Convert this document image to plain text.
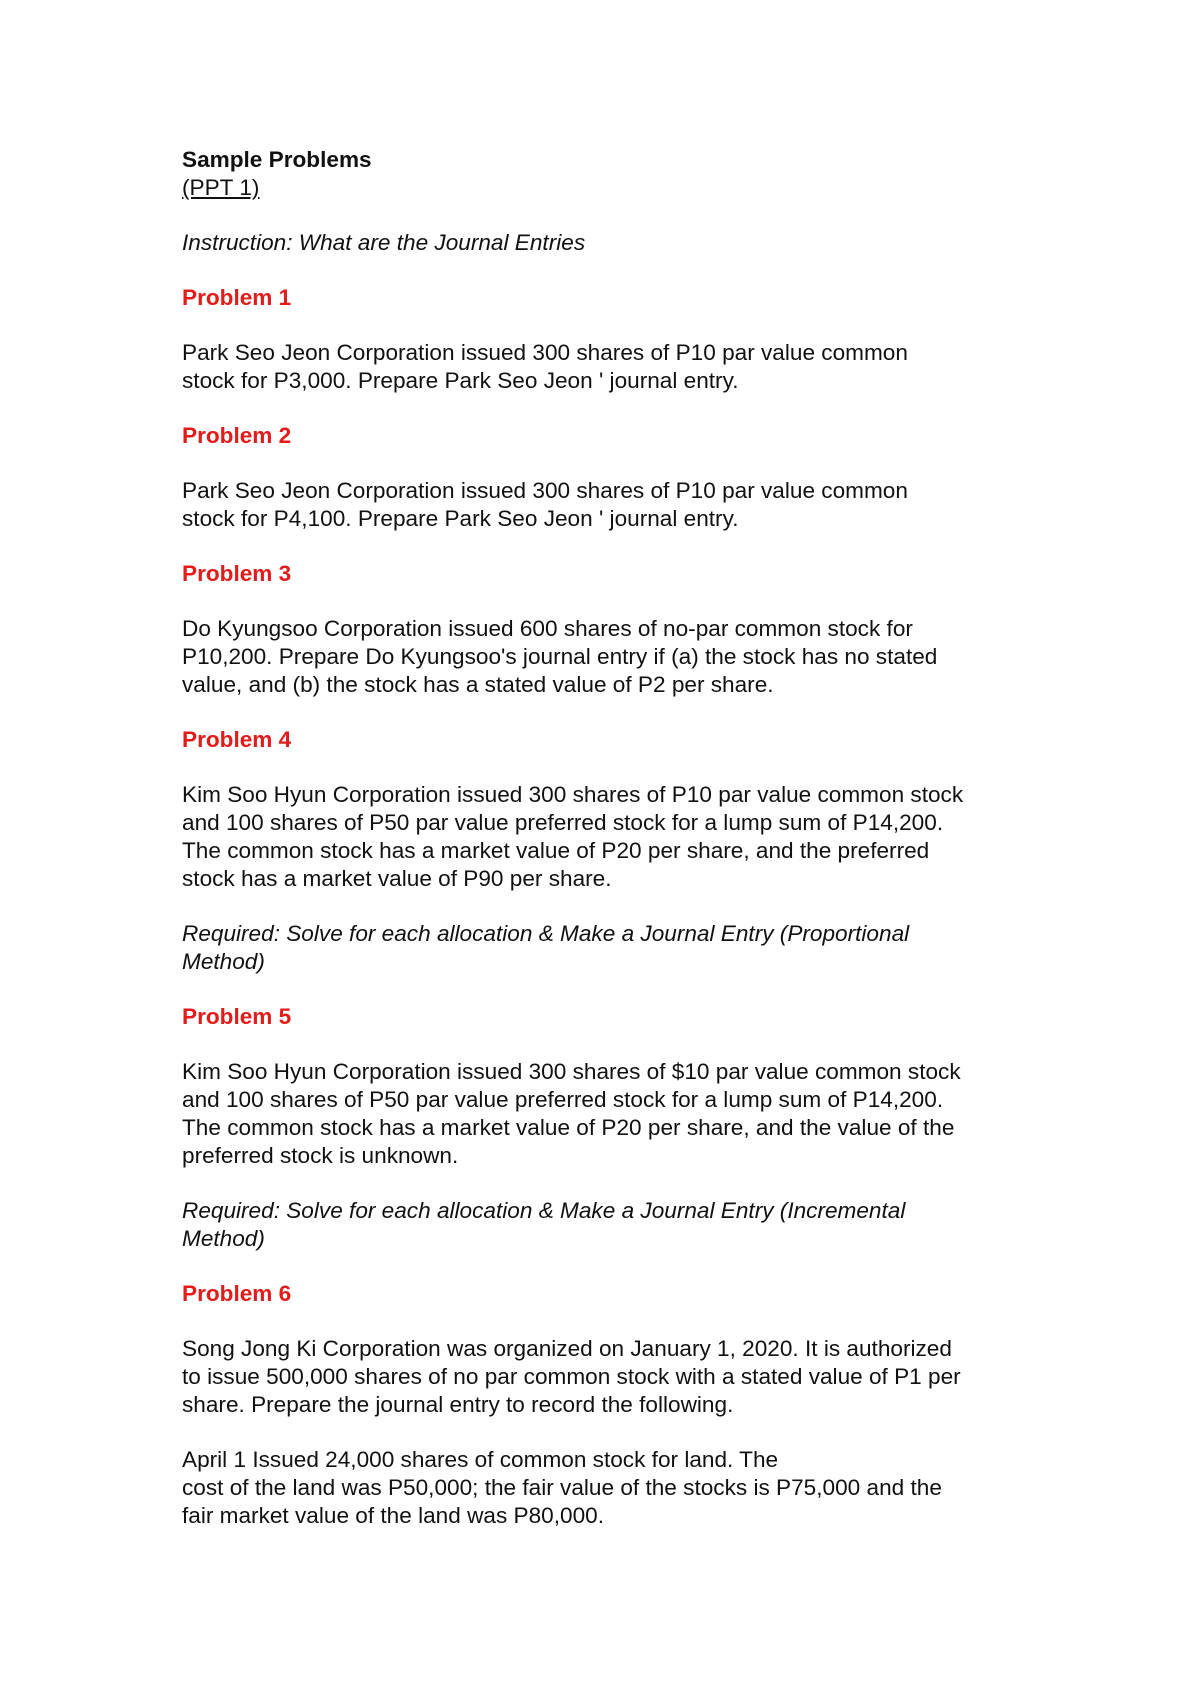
Sample Problems
(PPT 1)
Instruction: What are the Journal Entries
Problem 1
Park Seo Jeon Corporation issued 300 shares of P10 par value common
stock for P3,000. Prepare Park Seo Jeon ' journal entry.
Problem 2
Park Seo Jeon Corporation issued 300 shares of P10 par value common
stock for P4,100. Prepare Park Seo Jeon ' journal entry.
Problem 3
Do Kyungsoo Corporation issued 600 shares of no-par common stock for
P10,200. Prepare Do Kyungsoo's journal entry if (a) the stock has no stated
value, and (b) the stock has a stated value of P2 per share.
Problem 4
Kim Soo Hyun Corporation issued 300 shares of P10 par value common stock
and 100 shares of P50 par value preferred stock for a lump sum of P14,200.
The common stock has a market value of P20 per share, and the preferred
stock has a market value of P90 per share.
Required: Solve for each allocation & Make a Journal Entry (Proportional
Method)
Problem 5
Kim Soo Hyun Corporation issued 300 shares of $10 par value common stock
and 100 shares of P50 par value preferred stock for a lump sum of P14,200.
The common stock has a market value of P20 per share, and the value of the
preferred stock is unknown.
Required: Solve for each allocation & Make a Journal Entry (Incremental
Method)
Problem 6
Song Jong Ki Corporation was organized on January 1, 2020. It is authorized
to issue 500,000 shares of no par common stock with a stated value of P1 per
share. Prepare the journal entry to record the following.
April 1 Issued 24,000 shares of common stock for land. The
cost of the land was P50,000; the fair value of the stocks is P75,000 and the
fair market value of the land was P80,000.
